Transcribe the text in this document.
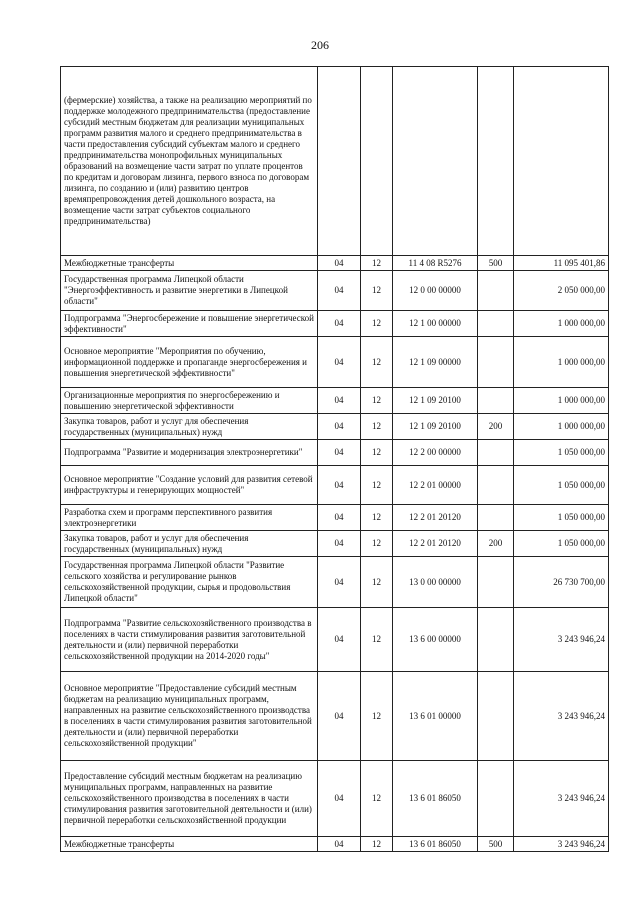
206
(фермерские) хозяйства, а также на реализацию мероприятий по поддержке молодежного предпринимательства (предоставление субсидий местным бюджетам для реализации муниципальных программ развития малого и среднего предпринимательства в части предоставления субсидий субъектам малого и среднего предпринимательства монопрофильных муниципальных образований на возмещение части затрат по уплате процентов по кредитам и договорам лизинга, первого взноса по договорам лизинга, по созданию и (или) развитию центров времяпрепровождения детей дошкольного возраста, на возмещение части затрат субъектов социального предпринимательства)					
Межбюджетные трансферты	04	12	11 4 08 R5276	500	11 095 401,86
Государственная программа Липецкой области "Энергоэффективность и развитие энергетики в Липецкой области"	04	12	12 0 00 00000		2 050 000,00
Подпрограмма "Энергосбережение и повышение энергетической эффективности"	04	12	12 1 00 00000		1 000 000,00
Основное мероприятие "Мероприятия по обучению, информационной поддержке и пропаганде энергосбережения и повышения энергетической эффективности"	04	12	12 1 09 00000		1 000 000,00
Организационные мероприятия по энергосбережению и повышению энергетической эффективности	04	12	12 1 09 20100		1 000 000,00
Закупка товаров, работ и услуг для обеспечения государственных (муниципальных) нужд	04	12	12 1 09 20100	200	1 000 000,00
Подпрограмма "Развитие и модернизация электроэнергетики"	04	12	12 2 00 00000		1 050 000,00
Основное мероприятие "Создание условий для развития сетевой инфраструктуры и генерирующих мощностей"	04	12	12 2 01 00000		1 050 000,00
Разработка схем и программ перспективного развития электроэнергетики	04	12	12 2 01 20120		1 050 000,00
Закупка товаров, работ и услуг для обеспечения государственных (муниципальных) нужд	04	12	12 2 01 20120	200	1 050 000,00
Государственная программа Липецкой области "Развитие сельского хозяйства и регулирование рынков сельскохозяйственной продукции, сырья и продовольствия Липецкой области"	04	12	13 0 00 00000		26 730 700,00
Подпрограмма "Развитие сельскохозяйственного производства в поселениях в части стимулирования развития заготовительной деятельности и (или) первичной переработки сельскохозяйственной продукции на 2014-2020 годы"	04	12	13 6 00 00000		3 243 946,24
Основное мероприятие "Предоставление субсидий местным бюджетам на реализацию муниципальных программ, направленных на развитие сельскохозяйственного производства в поселениях в части стимулирования развития заготовительной деятельности и (или) первичной переработки сельскохозяйственной продукции"	04	12	13 6 01 00000		3 243 946,24
Предоставление субсидий местным бюджетам на реализацию муниципальных программ, направленных на развитие сельскохозяйственного производства в поселениях в части стимулирования развития заготовительной деятельности и (или) первичной переработки сельскохозяйственной продукции	04	12	13 6 01 86050		3 243 946,24
Межбюджетные трансферты	04	12	13 6 01 86050	500	3 243 946,24
